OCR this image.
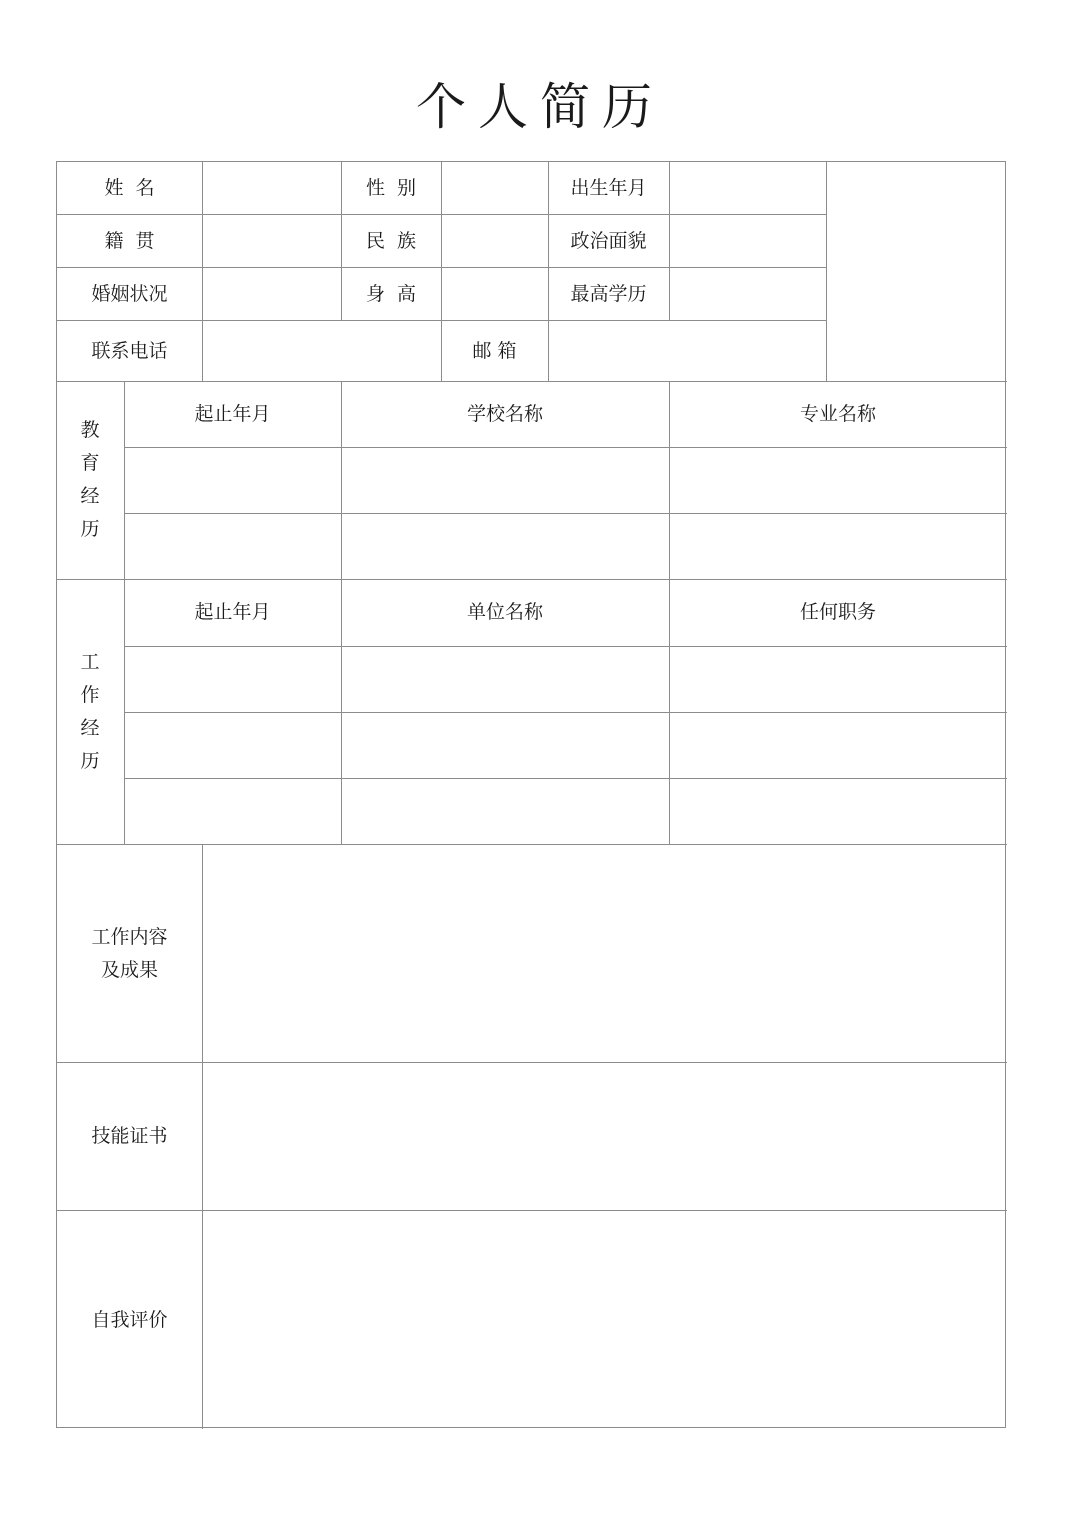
个人简历
姓  名	性  别	出生年月
籍  贯	民  族	政治面貌
婚姻状况	身  高	最高学历
联系电话	邮 箱
教育经历
起止年月	学校名称	专业名称
工作经历
起止年月	单位名称	任何职务
工作内容
及成果
技能证书
自我评价
